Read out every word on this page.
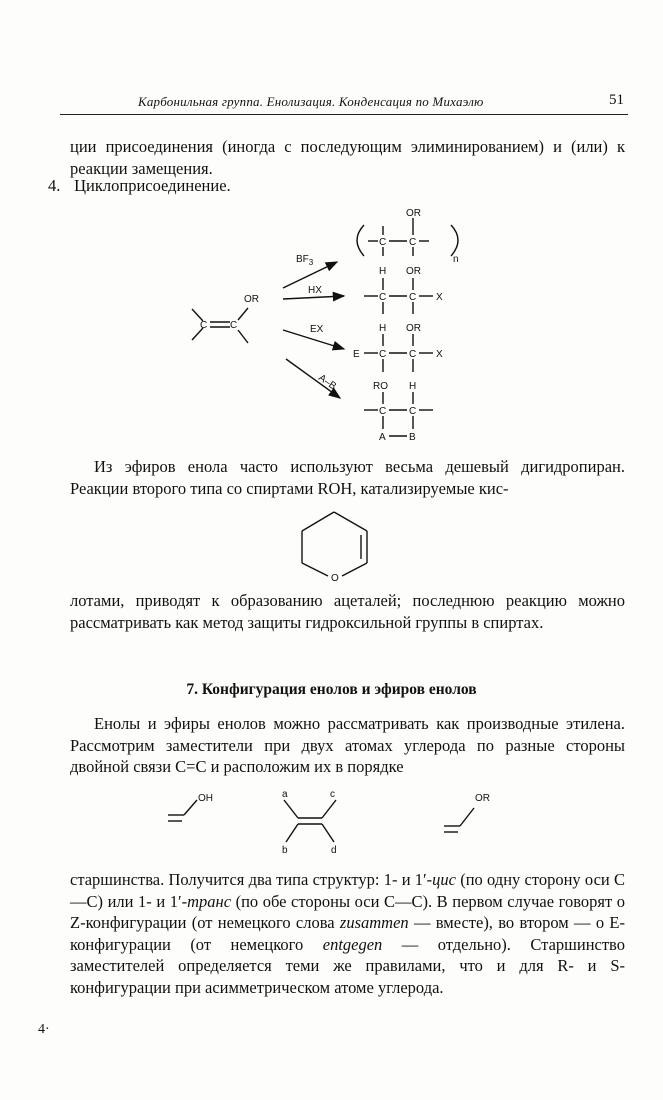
Карбонильная группа. Енолизация. Конденсация по Михаэлю	51

ции присоединения (иногда с последующим элиминированием) и (или) к реакции замещения.

4. Циклоприсоединение.
C C
OR
$BF_3$
HX
EX
A–B
OR
C C
n
H OR
C C X
H OR
E C C X
RO H
C C
A B
O
OH	a	c
b	d
OR

Из эфиров енола часто используют весьма дешевый дигидропиран. Реакции второго типа со спиртами ROH, катализируемые кис-

лотами, приводят к образованию ацеталей; последнюю реакцию можно рассматривать как метод защиты гидроксильной группы в спиртах.

7. Конфигурация енолов и эфиров енолов

Енолы и эфиры енолов можно рассматривать как производные этилена. Рассмотрим заместители при двух атомах углерода по разные стороны двойной связи C=C и расположим их в порядке

старшинства. Получится два типа структур: 1- и 1′-цис (по одну сторону оси C—C) или 1- и 1′-транс (по обе стороны оси C—C). В первом случае говорят о Z-конфигурации (от немецкого слова zusammen — вместе), во втором — о E-конфигурации (от немецкого entgegen — отдельно). Старшинство заместителей определяется теми же правилами, что и для R- и S-конфигурации при асимметрическом атоме углерода.

4·
